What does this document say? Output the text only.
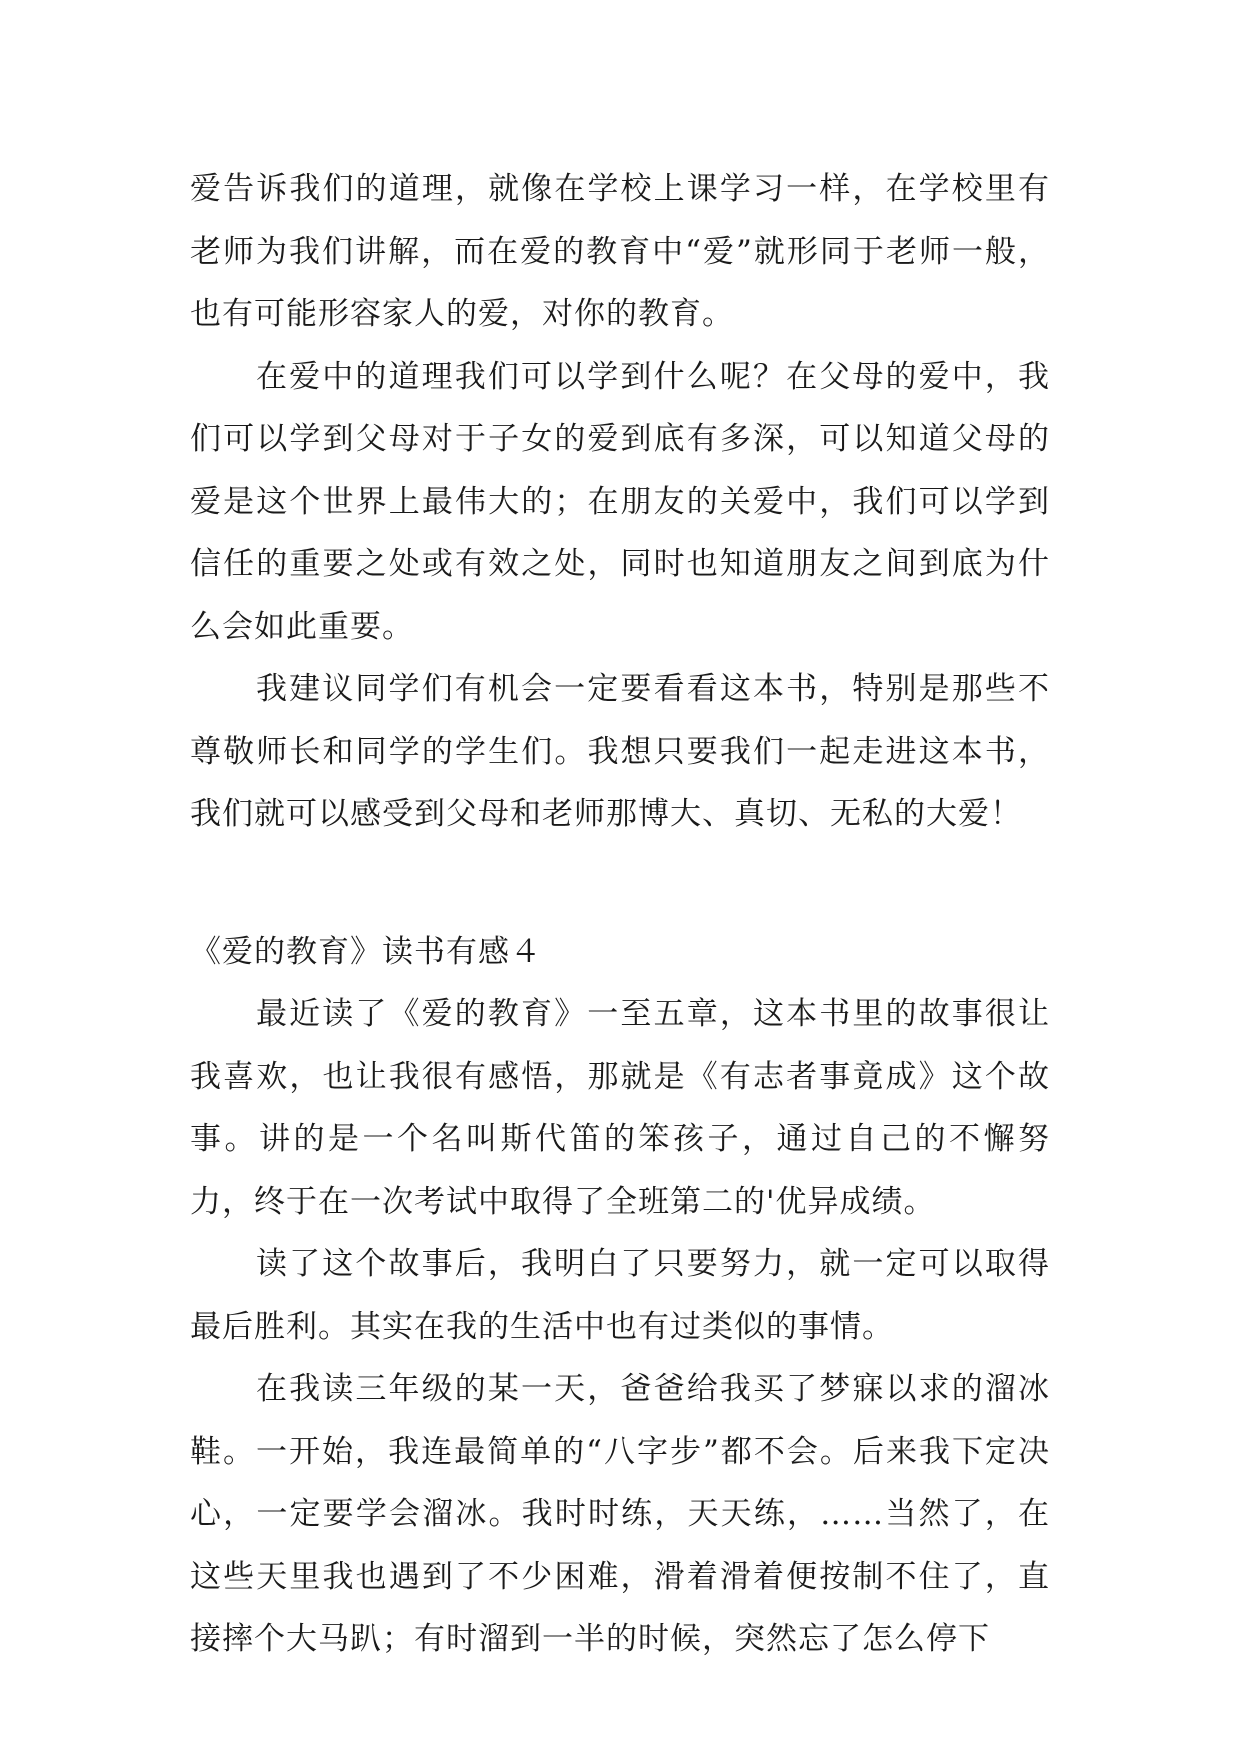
爱告诉我们的道理，就像在学校上课学习一样，在学校里有老师为我们讲解，而在爱的教育中“爱”就形同于老师一般，也有可能形容家人的爱，对你的教育。

在爱中的道理我们可以学到什么呢？在父母的爱中，我们可以学到父母对于子女的爱到底有多深，可以知道父母的爱是这个世界上最伟大的；在朋友的关爱中，我们可以学到信任的重要之处或有效之处，同时也知道朋友之间到底为什么会如此重要。

我建议同学们有机会一定要看看这本书，特别是那些不尊敬师长和同学的学生们。我想只要我们一起走进这本书，我们就可以感受到父母和老师那博大、真切、无私的大爱！

《爱的教育》读书有感４

最近读了《爱的教育》一至五章，这本书里的故事很让我喜欢，也让我很有感悟，那就是《有志者事竟成》这个故事。讲的是一个名叫斯代笛的笨孩子，通过自己的不懈努力，终于在一次考试中取得了全班第二的'优异成绩。

读了这个故事后，我明白了只要努力，就一定可以取得最后胜利。其实在我的生活中也有过类似的事情。

在我读三年级的某一天，爸爸给我买了梦寐以求的溜冰鞋。一开始，我连最简单的“八字步”都不会。后来我下定决心，一定要学会溜冰。我时时练，天天练，……当然了，在这些天里我也遇到了不少困难，滑着滑着便按制不住了，直接摔个大马趴；有时溜到一半的时候，突然忘了怎么停下
